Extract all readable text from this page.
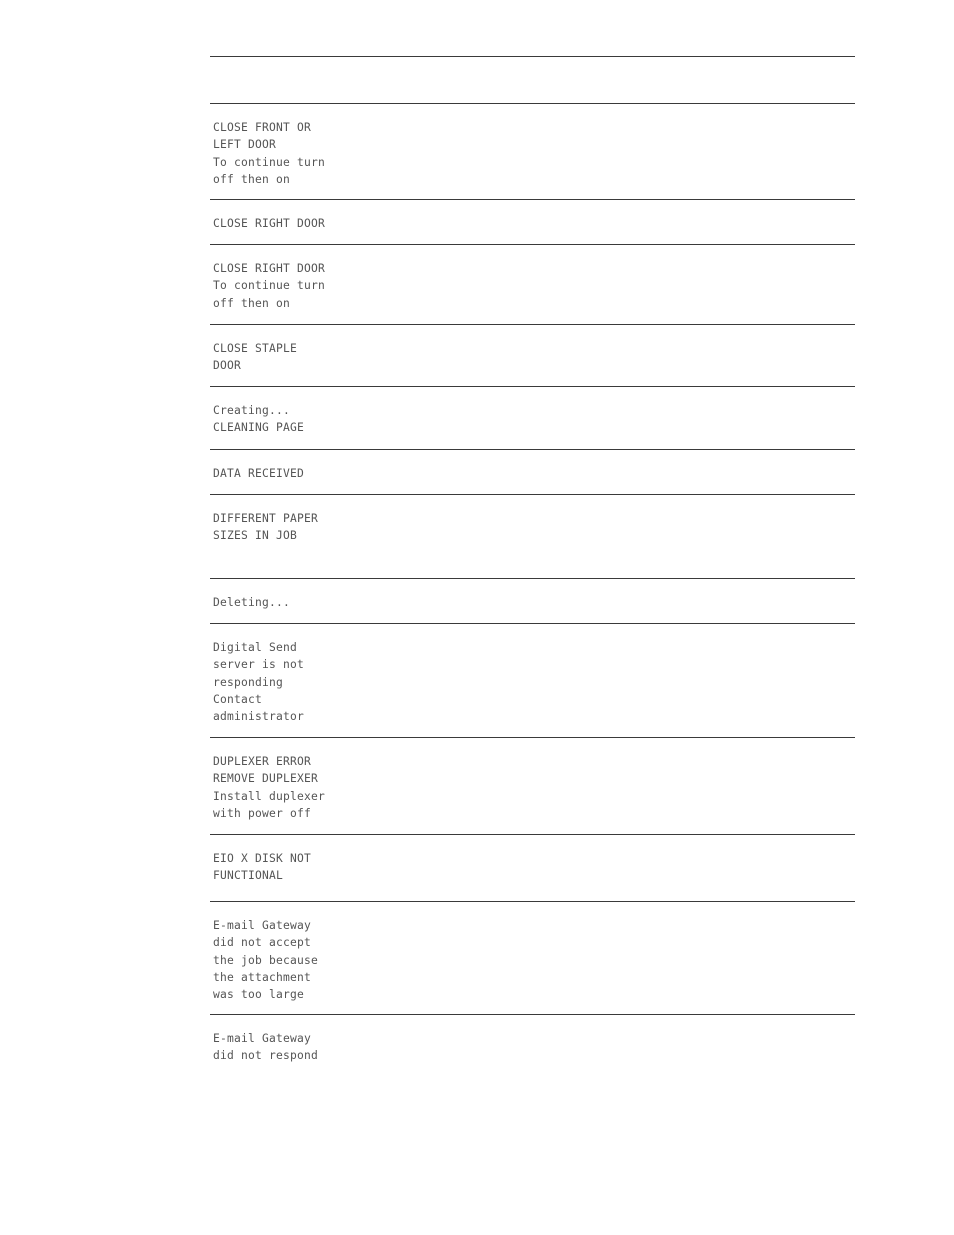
CLOSE FRONT OR
LEFT DOOR
To continue turn
off then on

CLOSE RIGHT DOOR

CLOSE RIGHT DOOR
To continue turn
off then on

CLOSE STAPLE
DOOR

Creating...
CLEANING PAGE

DATA RECEIVED

DIFFERENT PAPER
SIZES IN JOB

Deleting...

Digital Send
server is not
responding
Contact
administrator

DUPLEXER ERROR
REMOVE DUPLEXER
Install duplexer
with power off

EIO X DISK NOT
FUNCTIONAL

E-mail Gateway
did not accept
the job because
the attachment
was too large

E-mail Gateway
did not respond
